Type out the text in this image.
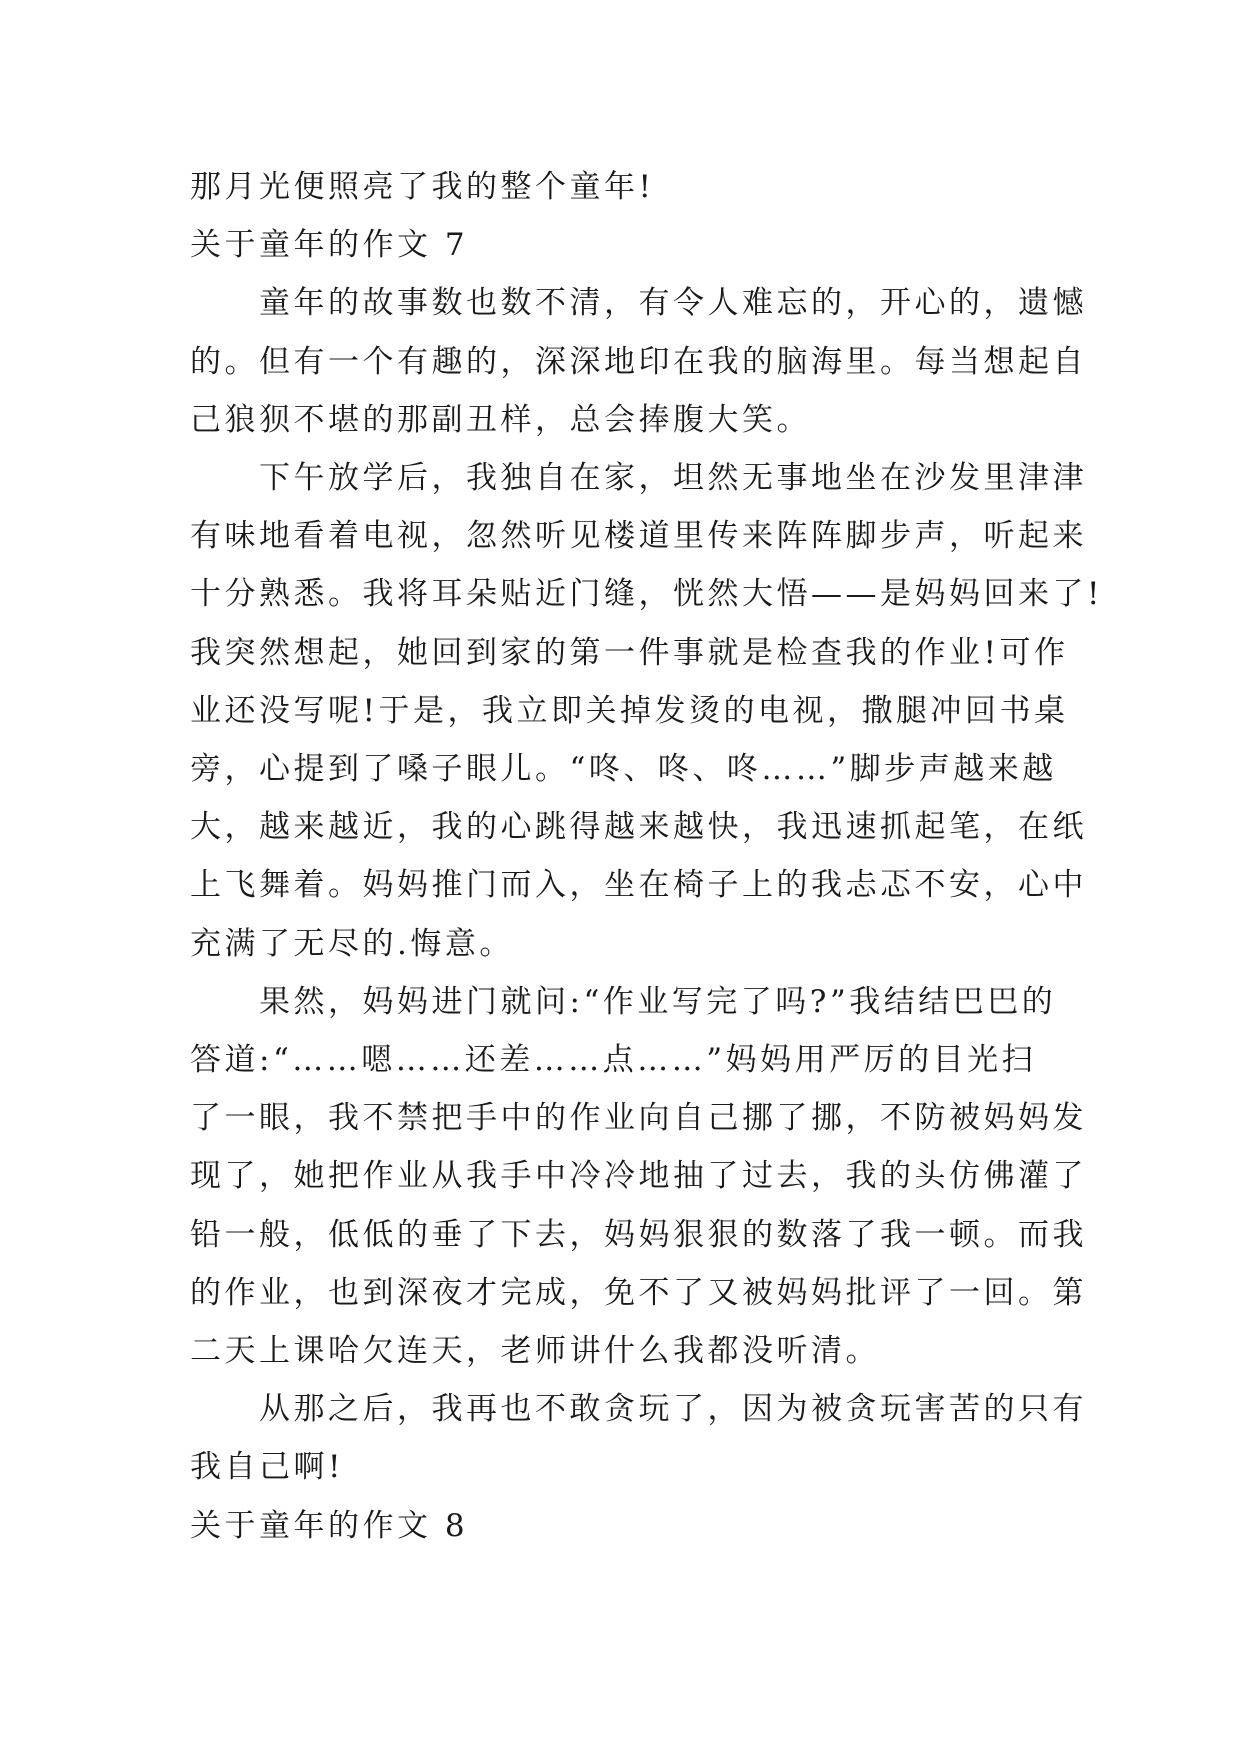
那月光便照亮了我的整个童年!

关于童年的作文 7

　　童年的故事数也数不清，有令人难忘的，开心的，遗憾

的。但有一个有趣的，深深地印在我的脑海里。每当想起自

己狼狈不堪的那副丑样，总会捧腹大笑。

　　下午放学后，我独自在家，坦然无事地坐在沙发里津津

有味地看着电视，忽然听见楼道里传来阵阵脚步声，听起来

十分熟悉。我将耳朵贴近门缝，恍然大悟——是妈妈回来了!

我突然想起，她回到家的第一件事就是检查我的作业!可作

业还没写呢!于是，我立即关掉发烫的电视，撒腿冲回书桌

旁，心提到了嗓子眼儿。“咚、咚、咚……”脚步声越来越

大，越来越近，我的心跳得越来越快，我迅速抓起笔，在纸

上飞舞着。妈妈推门而入，坐在椅子上的我忐忑不安，心中

充满了无尽的.悔意。

　　果然，妈妈进门就问:“作业写完了吗?”我结结巴巴的

答道:“……嗯……还差……点……”妈妈用严厉的目光扫

了一眼，我不禁把手中的作业向自己挪了挪，不防被妈妈发

现了，她把作业从我手中冷冷地抽了过去，我的头仿佛灌了

铅一般，低低的垂了下去，妈妈狠狠的数落了我一顿。而我

的作业，也到深夜才完成，免不了又被妈妈批评了一回。第

二天上课哈欠连天，老师讲什么我都没听清。

　　从那之后，我再也不敢贪玩了，因为被贪玩害苦的只有

我自己啊!

关于童年的作文 8
